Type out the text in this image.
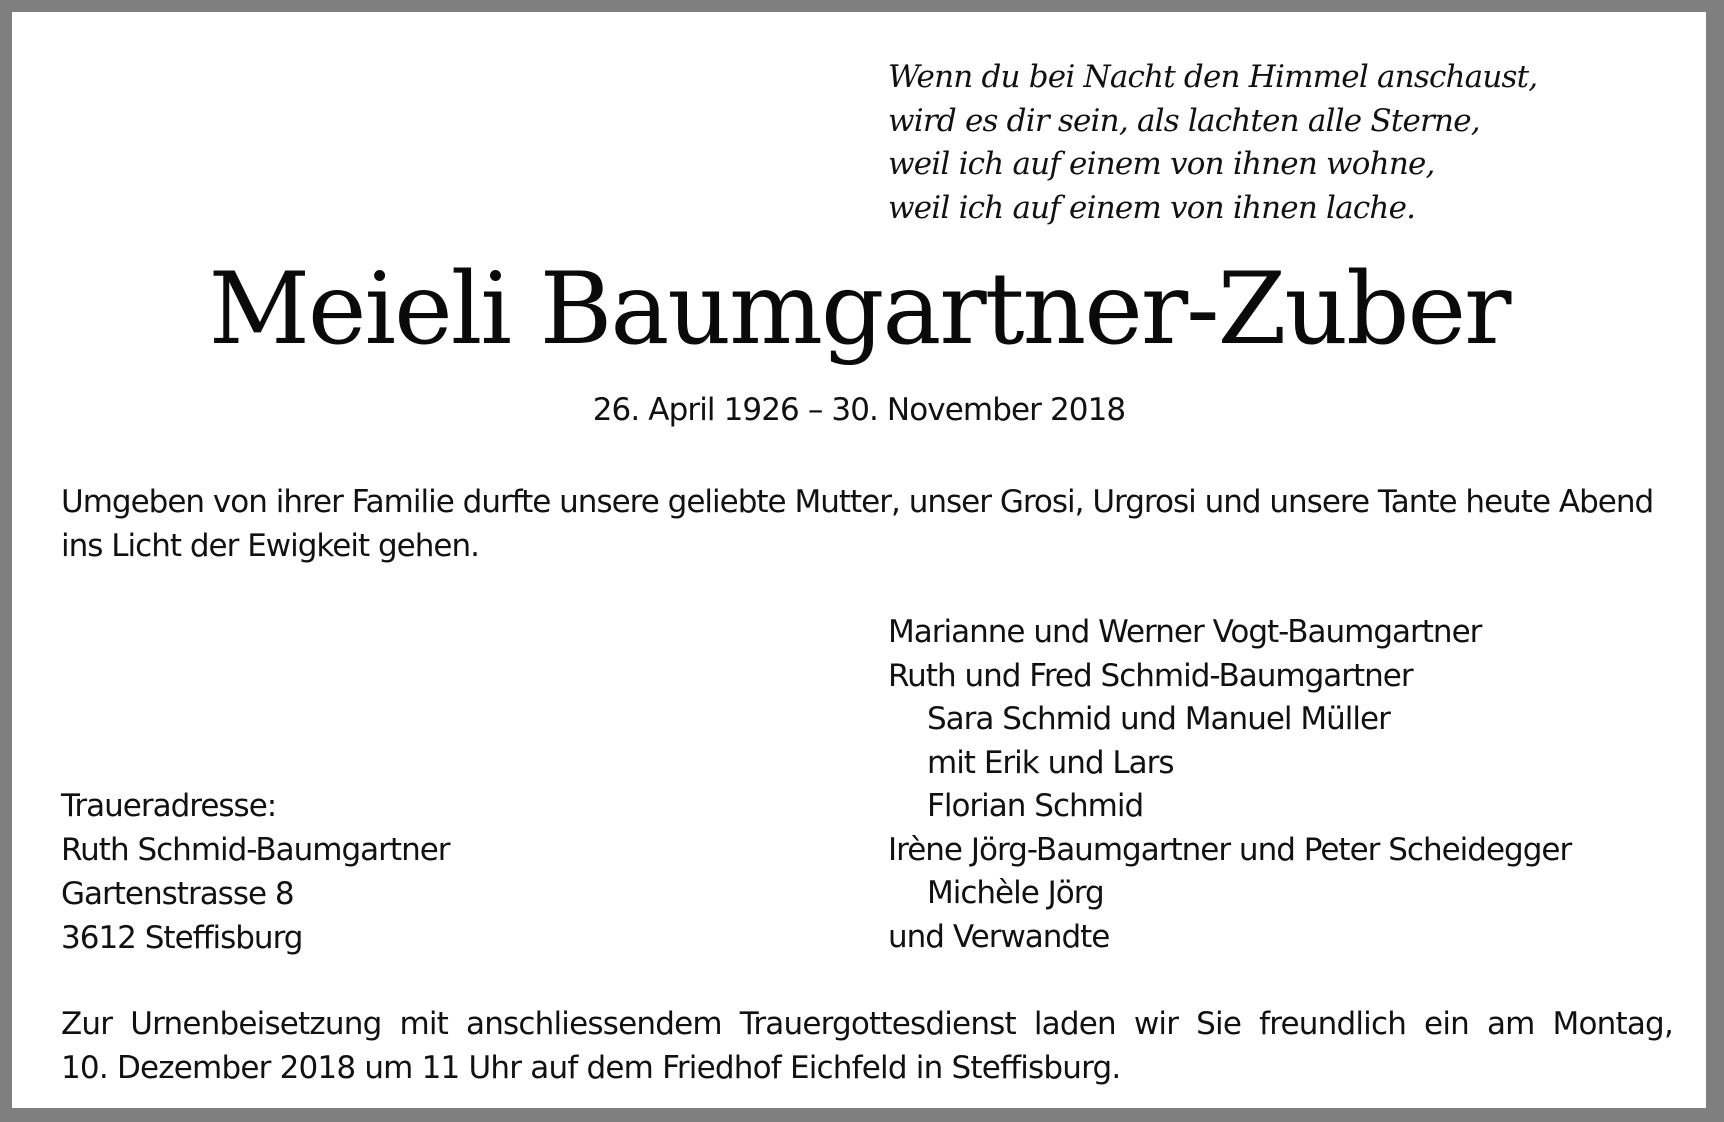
Wenn du bei Nacht den Himmel anschaust,
wird es dir sein, als lachten alle Sterne,
weil ich auf einem von ihnen wohne,
weil ich auf einem von ihnen lache.
Meieli Baumgartner-Zuber
26. April 1926 – 30. November 2018
Umgeben von ihrer Familie durfte unsere geliebte Mutter, unser Grosi, Urgrosi und unsere Tante heute Abend
ins Licht der Ewigkeit gehen.
Marianne und Werner Vogt-Baumgartner
Ruth und Fred Schmid-Baumgartner
Sara Schmid und Manuel Müller
mit Erik und Lars
Florian Schmid
Irène Jörg-Baumgartner und Peter Scheidegger
Michèle Jörg
und Verwandte
Traueradresse:
Ruth Schmid-Baumgartner
Gartenstrasse 8
3612 Steffisburg
Zur Urnenbeisetzung mit anschliessendem Trauergottesdienst laden wir Sie freundlich ein am Montag,
10. Dezember 2018 um 11 Uhr auf dem Friedhof Eichfeld in Steffisburg.
